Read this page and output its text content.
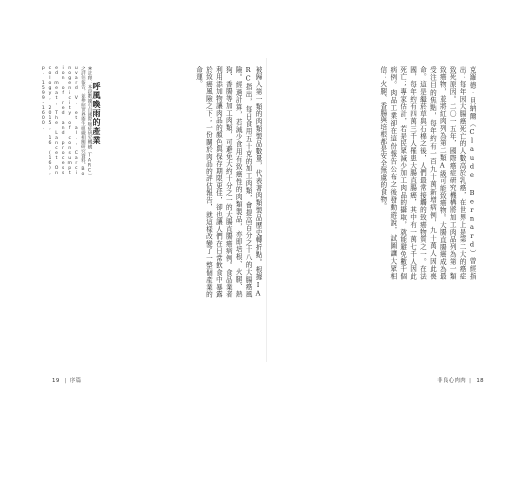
＊註釋：本段數據引自國際癌症研究機構（IARC）之評估報告，並參照世界衛生組織相關研究資料。Bouvard V. et al., Carcinogenicity of consumption of red and processed meat, The Lancet Oncology, 2015, 16 (16), p. 1599-1600.	呼風喚雨的產業	被歸入第一類的肉類製品數量，代表著肉類製品歷史轉折點。根據IARC指出，每日食用五十克的加工肉類，會提高百分之十八的大腸癌風險。經過計算，若減少食用有致癌性的肉類製品，亦即培根、火腿、熱狗、香腸等加工肉類，可避免大約十分之一的大腸直腸癌病例。食品業者利用添加物讓肉品的顏色與保存期限更佳，卻也讓人們在日常飲食中暴露於致癌風險之下；一份關於肉品的評估報告，就這樣改變了一整個產業的命運。	克羅德‧貝納爾（Claude Bernard）曾經指出：每年因大腸癌死亡的人數高於乳癌，在世界上是第二大的癌症致死原因。二〇一五年，國際癌症研究機構將加工肉品列為第一類致癌物，並將紅肉列為第二類A級可能致癌物。大腸直腸癌成為最受注目的焦點，每年約有一百九十萬新增病例，九十萬人因此喪命。這是繼菸草與石棉之後，人們最常接觸的致癌物質之一。在法國，每年約有四萬三千人罹患大腸直腸癌，其中有一萬七千人因此死亡；專家估計，若是民眾減少加工肉品的攝取，就能避免數千個病例。肉品工業卻在這份報告公布之後發動遊說，試圖讓大眾相信：火腿、香腸與培根都是安全無虞的食物。
19 | 序篇	非良心肉肉 | 18
